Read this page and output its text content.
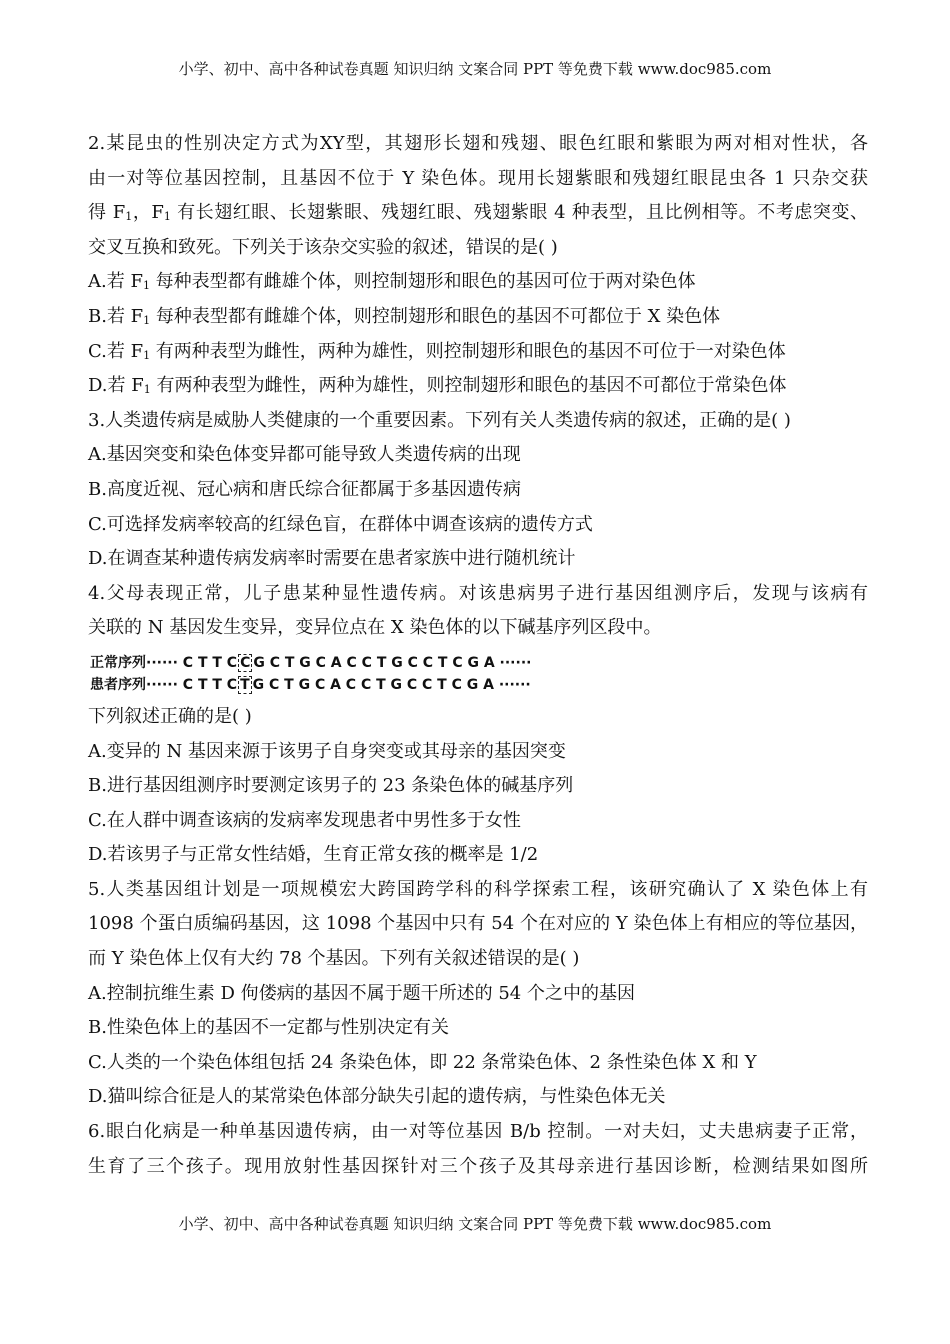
小学、初中、高中各种试卷真题 知识归纳 文案合同 PPT 等免费下载 www.doc985.com
2.某昆虫的性别决定方式为XY型，其翅形长翅和残翅、眼色红眼和紫眼为两对相对性状，各
由一对等位基因控制，且基因不位于 Y 染色体。现用长翅紫眼和残翅红眼昆虫各 1 只杂交获
得 $F_1$，$F_1$ 有长翅红眼、长翅紫眼、残翅红眼、残翅紫眼 4 种表型，且比例相等。不考虑突变、
交叉互换和致死。下列关于该杂交实验的叙述，错误的是( )
A.若 $F_1$ 每种表型都有雌雄个体，则控制翅形和眼色的基因可位于两对染色体
B.若 $F_1$ 每种表型都有雌雄个体，则控制翅形和眼色的基因不可都位于 X 染色体
C.若 $F_1$ 有两种表型为雌性，两种为雄性，则控制翅形和眼色的基因不可位于一对染色体
D.若 $F_1$ 有两种表型为雌性，两种为雄性，则控制翅形和眼色的基因不可都位于常染色体
3.人类遗传病是威胁人类健康的一个重要因素。下列有关人类遗传病的叙述，正确的是( )
A.基因突变和染色体变异都可能导致人类遗传病的出现
B.高度近视、冠心病和唐氏综合征都属于多基因遗传病
C.可选择发病率较高的红绿色盲，在群体中调查该病的遗传方式
D.在调查某种遗传病发病率时需要在患者家族中进行随机统计
4.父母表现正常，儿子患某种显性遗传病。对该患病男子进行基因组测序后，发现与该病有
关联的 N 基因发生变异，变异位点在 X 染色体的以下碱基序列区段中。
正常序列······ C T T C C G C T G C A C C T G C C T C G A ······
患者序列······ C T T C T G C T G C A C C T G C C T C G A ······
下列叙述正确的是( )
A.变异的 N 基因来源于该男子自身突变或其母亲的基因突变
B.进行基因组测序时要测定该男子的 23 条染色体的碱基序列
C.在人群中调查该病的发病率发现患者中男性多于女性
D.若该男子与正常女性结婚，生育正常女孩的概率是 1/2
5.人类基因组计划是一项规模宏大跨国跨学科的科学探索工程，该研究确认了 X 染色体上有
1098 个蛋白质编码基因，这 1098 个基因中只有 54 个在对应的 Y 染色体上有相应的等位基因，
而 Y 染色体上仅有大约 78 个基因。下列有关叙述错误的是( )
A.控制抗维生素 D 佝偻病的基因不属于题干所述的 54 个之中的基因
B.性染色体上的基因不一定都与性别决定有关
C.人类的一个染色体组包括 24 条染色体，即 22 条常染色体、2 条性染色体 X 和 Y
D.猫叫综合征是人的某常染色体部分缺失引起的遗传病，与性染色体无关
6.眼白化病是一种单基因遗传病，由一对等位基因 B/b 控制。一对夫妇，丈夫患病妻子正常，
生育了三个孩子。现用放射性基因探针对三个孩子及其母亲进行基因诊断，检测结果如图所
小学、初中、高中各种试卷真题 知识归纳 文案合同 PPT 等免费下载 www.doc985.com
